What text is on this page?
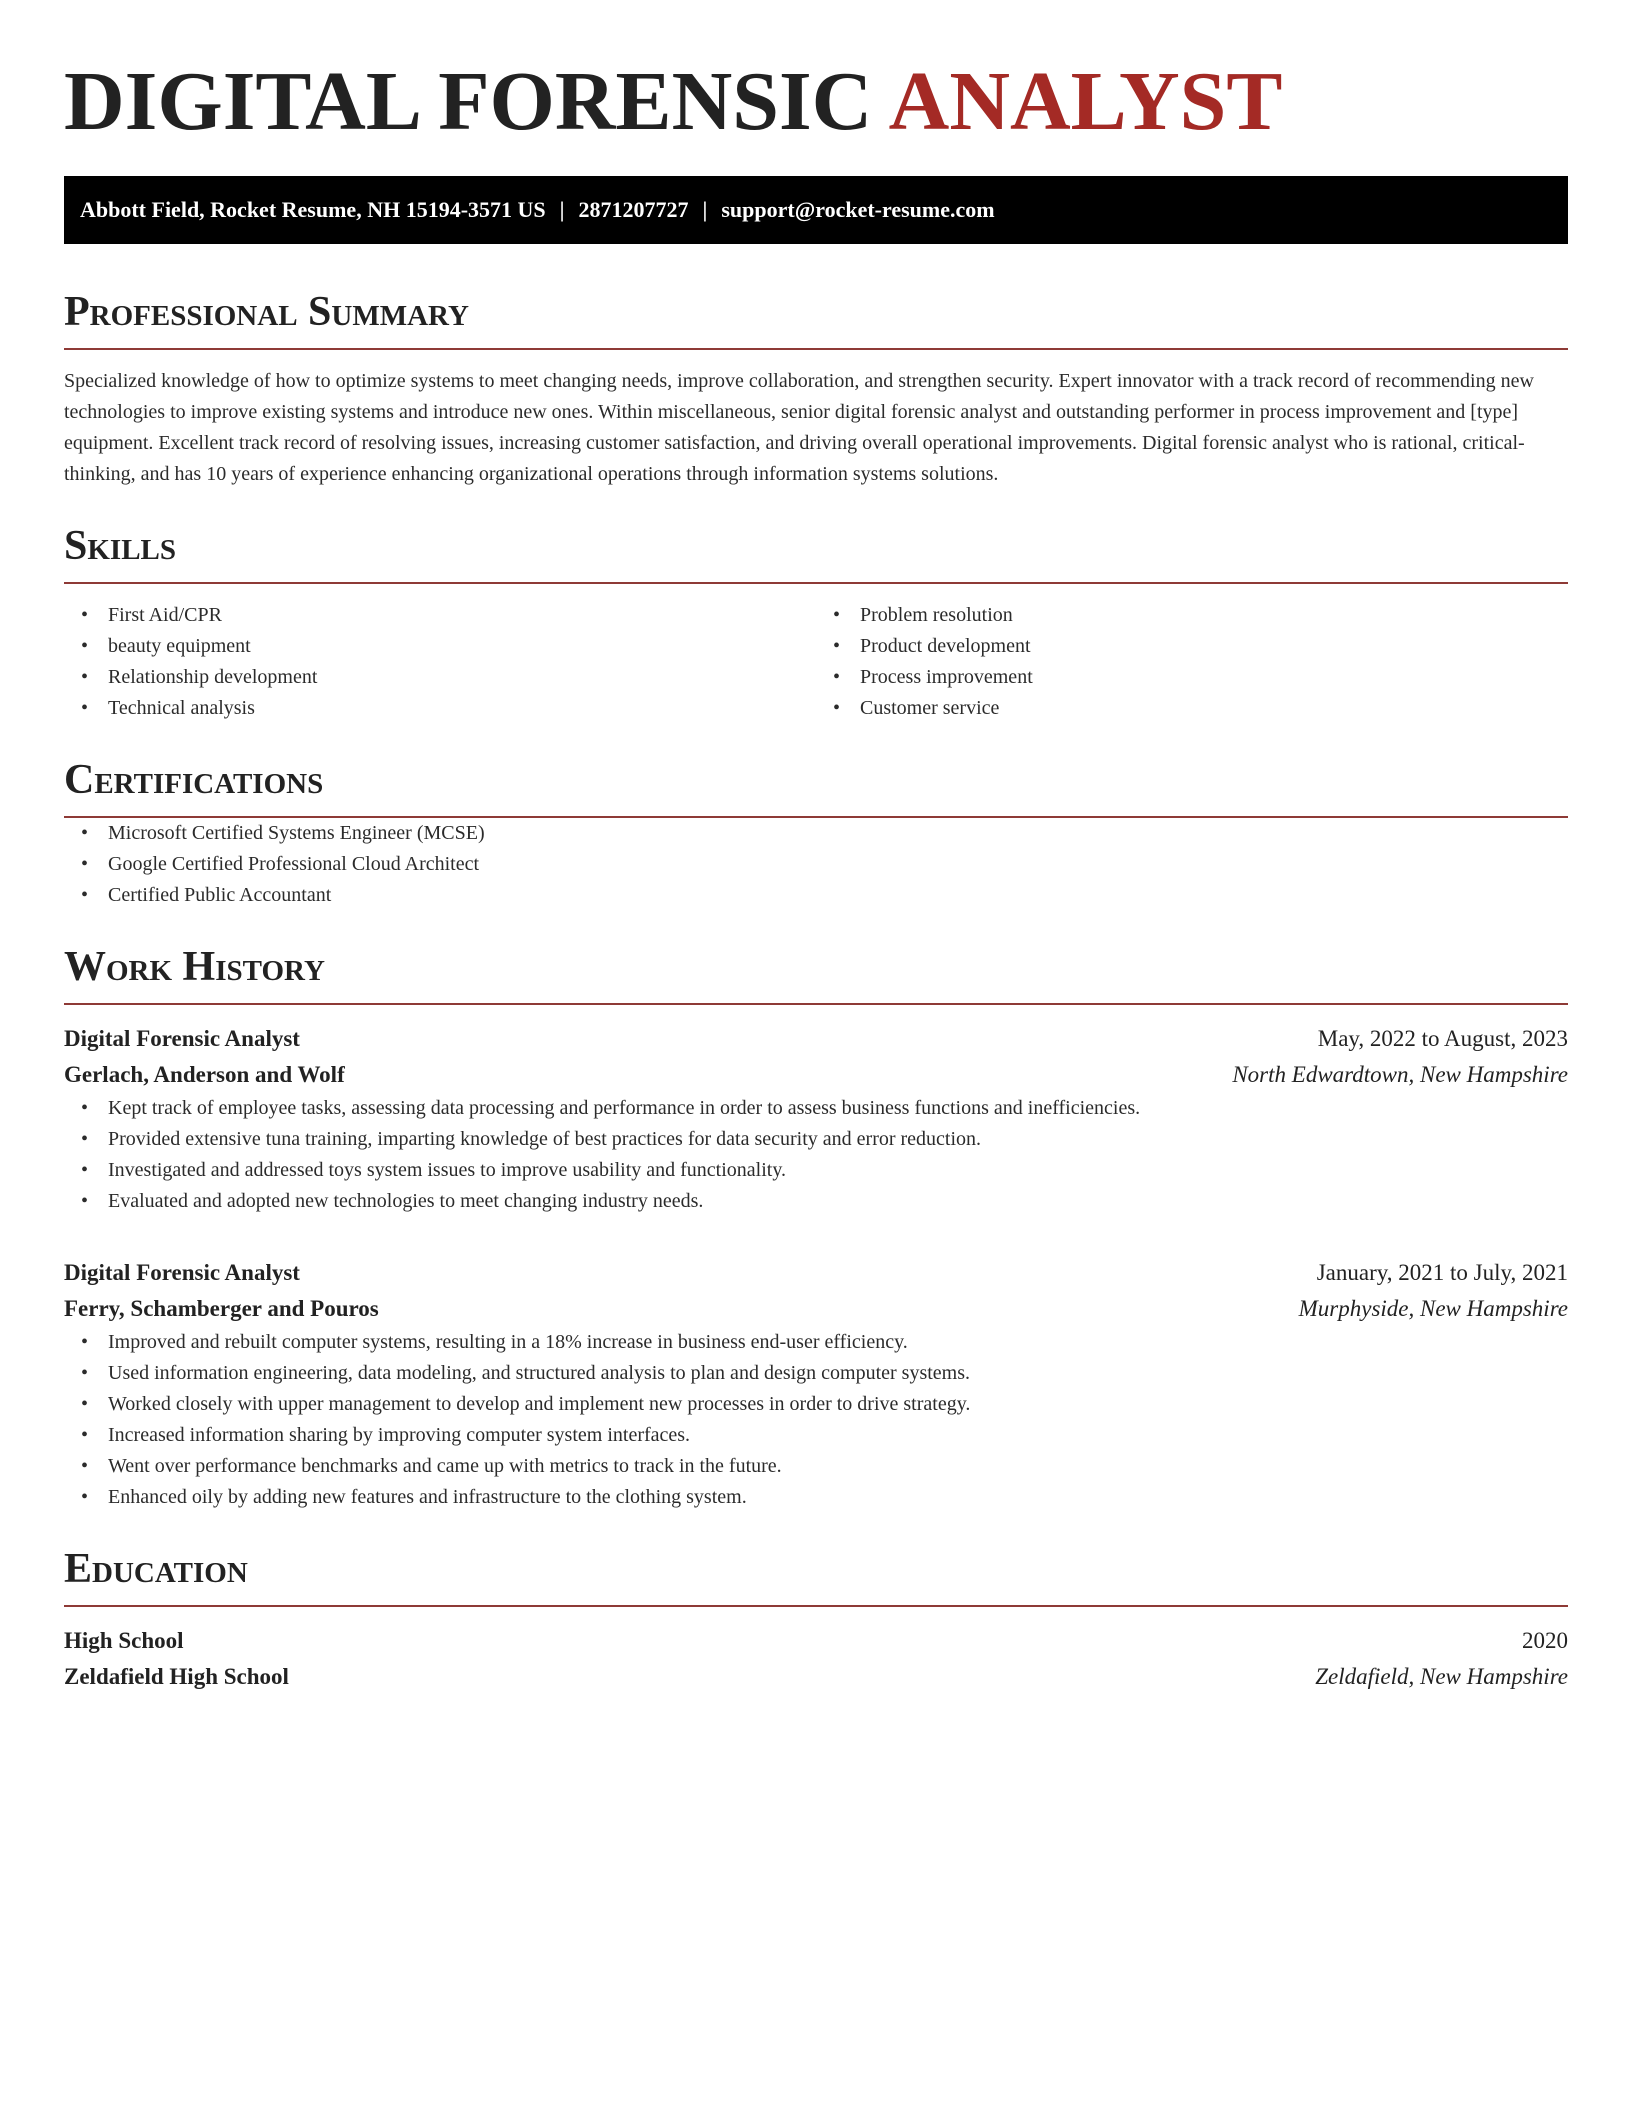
DIGITAL FORENSIC ANALYST
Abbott Field, Rocket Resume, NH 15194-3571 US | 2871207727 | support@rocket-resume.com
Professional Summary

Specialized knowledge of how to optimize systems to meet changing needs, improve collaboration, and strengthen security. Expert innovator with a track record of recommending new technologies to improve existing systems and introduce new ones. Within miscellaneous, senior digital forensic analyst and outstanding performer in process improvement and [type] equipment. Excellent track record of resolving issues, increasing customer satisfaction, and driving overall operational improvements. Digital forensic analyst who is rational, critical-thinking, and has 10 years of experience enhancing organizational operations through information systems solutions.

Skills
• First Aid/CPR
• beauty equipment
• Relationship development
• Technical analysis
• Problem resolution
• Product development
• Process improvement
• Customer service
Certifications
• Microsoft Certified Systems Engineer (MCSE)
• Google Certified Professional Cloud Architect
• Certified Public Accountant
Work History
Digital Forensic Analyst	May, 2022 to August, 2023
Gerlach, Anderson and Wolf	North Edwardtown, New Hampshire
• Kept track of employee tasks, assessing data processing and performance in order to assess business functions and inefficiencies.
• Provided extensive tuna training, imparting knowledge of best practices for data security and error reduction.
• Investigated and addressed toys system issues to improve usability and functionality.
• Evaluated and adopted new technologies to meet changing industry needs.
Digital Forensic Analyst	January, 2021 to July, 2021
Ferry, Schamberger and Pouros	Murphyside, New Hampshire
• Improved and rebuilt computer systems, resulting in a 18% increase in business end-user efficiency.
• Used information engineering, data modeling, and structured analysis to plan and design computer systems.
• Worked closely with upper management to develop and implement new processes in order to drive strategy.
• Increased information sharing by improving computer system interfaces.
• Went over performance benchmarks and came up with metrics to track in the future.
• Enhanced oily by adding new features and infrastructure to the clothing system.
Education
High School	2020
Zeldafield High School	Zeldafield, New Hampshire
